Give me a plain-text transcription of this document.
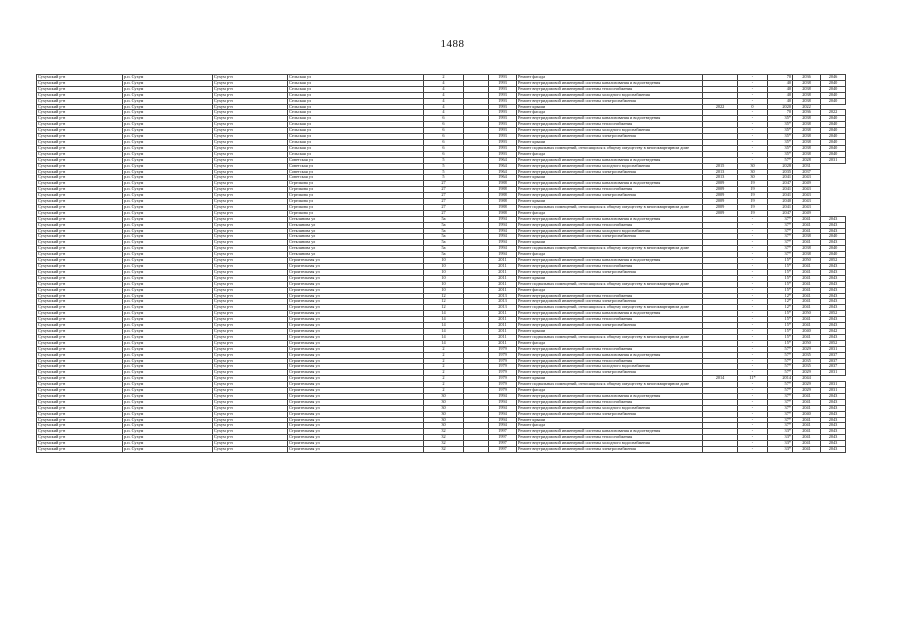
1488
Сухумский р-н	р.п. Сухум	Сухум р-н	Сельская ул	2		1993	Ремонт фасада		-	70	2036	2046
Сухумский р-н	р.п. Сухум	Сухум р-н	Сельская ул	4		1993	Ремонт внутридомовой инженерной системы канализования и водоотведения		-	40	2038	2040
Сухумский р-н	р.п. Сухум	Сухум р-н	Сельская ул	4		1993	Ремонт внутридомовой инженерной системы теплоснабжения		-	40	2038	2040
Сухумский р-н	р.п. Сухум	Сухум р-н	Сельская ул	4		1993	Ремонт внутридомовой инженерной системы холодного водоснабжения		-	40	2038	2040
Сухумский р-н	р.п. Сухум	Сухум р-н	Сельская ул	4		1993	Ремонт внутридомовой инженерной системы электроснабжения		-	40	2038	2040
Сухумский р-н	р.п. Сухум	Сухум р-н	Сельская ул	4		1993	Ремонт крыши	2022	0	2020	2022	
Сухумский р-н	р.п. Сухум	Сухум р-н	Сельская ул	4		1993	Ремонт фасада		-	70	2036	2022
Сухумский р-н	р.п. Сухум	Сухум р-н	Сельская ул	6		1993	Ремонт внутридомовой инженерной системы канализования и водоотведения		-	35*	2038	2040
Сухумский р-н	р.п. Сухум	Сухум р-н	Сельская ул	6		1993	Ремонт внутридомовой инженерной системы теплоснабжения		-	35*	2038	2040
Сухумский р-н	р.п. Сухум	Сухум р-н	Сельская ул	6		1993	Ремонт внутридомовой инженерной системы холодного водоснабжения		-	35*	2038	2040
Сухумский р-н	р.п. Сухум	Сухум р-н	Сельская ул	6		1993	Ремонт внутридомовой инженерной системы электроснабжения		-	35*	2038	2040
Сухумский р-н	р.п. Сухум	Сухум р-н	Сельская ул	6		1993	Ремонт крыши		-	35*	2038	2040
Сухумский р-н	р.п. Сухум	Сухум р-н	Сельская ул	6		1993	Ремонт подвальных помещений, относящихся к общему имуществу в многоквартирном доме		-	35*	2038	2040
Сухумский р-н	р.п. Сухум	Сухум р-н	Сельская ул	6		1993	Ремонт фасада		-	35*	2038	2040
Сухумский р-н	р.п. Сухум	Сухум р-н	Советская ул	5		1964	Ремонт внутридомовой инженерной системы канализования и водоотведения		-	57*	2028	2031
Сухумский р-н	р.п. Сухум	Сухум р-н	Советская ул	5		1964	Ремонт внутридомовой инженерной системы холодного водоснабжения	2015	30	2028	2031	
Сухумский р-н	р.п. Сухум	Сухум р-н	Советская ул	5		1964	Ремонт внутридомовой инженерной системы электроснабжения	2013	30	2035	2037	
Сухумский р-н	р.п. Сухум	Сухум р-н	Советская ул	5		1964	Ремонт крыши	2013	30	2041	2043	
Сухумский р-н	р.п. Сухум	Сухум р-н	Стрелкова ул	27		1988	Ремонт внутридомовой инженерной системы канализования и водоотведения	2009	19	2047	2049	
Сухумский р-н	р.п. Сухум	Сухум р-н	Стрелкова ул	27		1988	Ремонт внутридомовой инженерной системы теплоснабжения	2009	19	2041	2043	
Сухумский р-н	р.п. Сухум	Сухум р-н	Стрелкова ул	27		1988	Ремонт внутридомовой инженерной системы электроснабжения	2009	19	2041	2043	
Сухумский р-н	р.п. Сухум	Сухум р-н	Стрелкова ул	27		1988	Ремонт крыши	2009	19	2040	2043	
Сухумский р-н	р.п. Сухум	Сухум р-н	Стрелкова ул	27		1988	Ремонт подвальных помещений, относящихся к общему имуществу в многоквартирном доме	2009	19	2041	2043	
Сухумский р-н	р.п. Сухум	Сухум р-н	Стрелкова ул	27		1988	Ремонт фасада	2009	19	2047	2049	
Сухумский р-н	р.п. Сухум	Сухум р-н	Стеклянова ул	5а		1994	Ремонт внутридомовой инженерной системы канализования и водоотведения		-	37*	2041	2043
Сухумский р-н	р.п. Сухум	Сухум р-н	Стеклянова ул	5а		1994	Ремонт внутридомовой инженерной системы теплоснабжения		-	37*	2041	2043
Сухумский р-н	р.п. Сухум	Сухум р-н	Стеклянова ул	5а		1994	Ремонт внутридомовой инженерной системы холодного водоснабжения		-	37*	2041	2043
Сухумский р-н	р.п. Сухум	Сухум р-н	Стеклянова ул	5а		1994	Ремонт внутридомовой инженерной системы электроснабжения		-	37*	2038	2040
Сухумский р-н	р.п. Сухум	Сухум р-н	Стеклянова ул	5а		1994	Ремонт крыши		-	37*	2041	2043
Сухумский р-н	р.п. Сухум	Сухум р-н	Стеклянова ул	5а		1994	Ремонт подвальных помещений, относящихся к общему имуществу в многоквартирном доме		-	37*	2038	2040
Сухумский р-н	р.п. Сухум	Сухум р-н	Стеклянова ул	5а		1994	Ремонт фасада		-	37*	2038	2040
Сухумский р-н	р.п. Сухум	Сухум р-н	Строительная ул	10		2011	Ремонт внутридомовой инженерной системы канализования и водоотведения		-	15*	2050	2052
Сухумский р-н	р.п. Сухум	Сухум р-н	Строительная ул	10		2011	Ремонт внутридомовой инженерной системы теплоснабжения		-	15*	2041	2043
Сухумский р-н	р.п. Сухум	Сухум р-н	Строительная ул	10		2011	Ремонт внутридомовой инженерной системы электроснабжения		-	15*	2041	2043
Сухумский р-н	р.п. Сухум	Сухум р-н	Строительная ул	10		2011	Ремонт крыши		-	15*	2041	2043
Сухумский р-н	р.п. Сухум	Сухум р-н	Строительная ул	10		2011	Ремонт подвальных помещений, относящихся к общему имуществу в многоквартирном доме		-	15*	2041	2043
Сухумский р-н	р.п. Сухум	Сухум р-н	Строительная ул	10		2011	Ремонт фасада		-	15*	2041	2043
Сухумский р-н	р.п. Сухум	Сухум р-н	Строительная ул	12		2013	Ремонт внутридомовой инженерной системы теплоснабжения		-	12*	2041	2043
Сухумский р-н	р.п. Сухум	Сухум р-н	Строительная ул	12		2013	Ремонт внутридомовой инженерной системы электроснабжения		-	12*	2041	2043
Сухумский р-н	р.п. Сухум	Сухум р-н	Строительная ул	12		2013	Ремонт подвальных помещений, относящихся к общему имуществу в многоквартирном доме		-	12*	2041	2043
Сухумский р-н	р.п. Сухум	Сухум р-н	Строительная ул	14		2011	Ремонт внутридомовой инженерной системы канализования и водоотведения		-	15*	2050	2052
Сухумский р-н	р.п. Сухум	Сухум р-н	Строительная ул	14		2011	Ремонт внутридомовой инженерной системы теплоснабжения		-	15*	2041	2043
Сухумский р-н	р.п. Сухум	Сухум р-н	Строительная ул	14		2011	Ремонт внутридомовой инженерной системы электроснабжения		-	15*	2041	2043
Сухумский р-н	р.п. Сухум	Сухум р-н	Строительная ул	14		2011	Ремонт крыши		-	15*	2040	2042
Сухумский р-н	р.п. Сухум	Сухум р-н	Строительная ул	14		2011	Ремонт подвальных помещений, относящихся к общему имуществу в многоквартирном доме		-	15*	2041	2043
Сухумский р-н	р.п. Сухум	Сухум р-н	Строительная ул	14		2011	Ремонт фасада		-	15*	2050	2052
Сухумский р-н	р.п. Сухум	Сухум р-н	Строительная ул	2		1979	Ремонт внутридомовой инженерной системы теплоснабжения		-	57*	2029	2031
Сухумский р-н	р.п. Сухум	Сухум р-н	Строительная ул	2		1979	Ремонт внутридомовой инженерной системы канализования и водоотведения		-	57*	2035	2037
Сухумский р-н	р.п. Сухум	Сухум р-н	Строительная ул	2		1979	Ремонт внутридомовой инженерной системы теплоснабжения		-	57*	2035	2037
Сухумский р-н	р.п. Сухум	Сухум р-н	Строительная ул	2		1979	Ремонт внутридомовой инженерной системы холодного водоснабжения		-	57*	2035	2037
Сухумский р-н	р.п. Сухум	Сухум р-н	Строительная ул	2		1979	Ремонт внутридомовой инженерной системы электроснабжения		-	57*	2029	2031
Сухумский р-н	р.п. Сухум	Сухум р-н	Строительная ул	2		1979	Ремонт крыши	2014	11*	2014	2044	
Сухумский р-н	р.п. Сухум	Сухум р-н	Строительная ул	2		1979	Ремонт подвальных помещений, относящихся к общему имуществу в многоквартирном доме		-	57*	2029	2031
Сухумский р-н	р.п. Сухум	Сухум р-н	Строительная ул	2		1979	Ремонт фасада		-	57*	2029	2031
Сухумский р-н	р.п. Сухум	Сухум р-н	Строительная ул	30		1994	Ремонт внутридомовой инженерной системы канализования и водоотведения		-	37*	2041	2043
Сухумский р-н	р.п. Сухум	Сухум р-н	Строительная ул	30		1994	Ремонт внутридомовой инженерной системы теплоснабжения		-	37*	2041	2043
Сухумский р-н	р.п. Сухум	Сухум р-н	Строительная ул	30		1994	Ремонт внутридомовой инженерной системы холодного водоснабжения		-	37*	2041	2043
Сухумский р-н	р.п. Сухум	Сухум р-н	Строительная ул	30		1994	Ремонт внутридомовой инженерной системы электроснабжения		-	37*	2040	2043
Сухумский р-н	р.п. Сухум	Сухум р-н	Строительная ул	30		1994	Ремонт крыши		-	37*	2041	2043
Сухумский р-н	р.п. Сухум	Сухум р-н	Строительная ул	30		1994	Ремонт фасада		-	37*	2041	2043
Сухумский р-н	р.п. Сухум	Сухум р-н	Строительная ул	32		1997	Ремонт внутридомовой инженерной системы канализования и водоотведения		-	33*	2041	2043
Сухумский р-н	р.п. Сухум	Сухум р-н	Строительная ул	32		1997	Ремонт внутридомовой инженерной системы теплоснабжения		-	33*	2041	2043
Сухумский р-н	р.п. Сухум	Сухум р-н	Строительная ул	32		1997	Ремонт внутридомовой инженерной системы холодного водоснабжения		-	33*	2041	2043
Сухумский р-н	р.п. Сухум	Сухум р-н	Строительная ул	32		1997	Ремонт внутридомовой инженерной системы электроснабжения		-	33*	2041	2043
